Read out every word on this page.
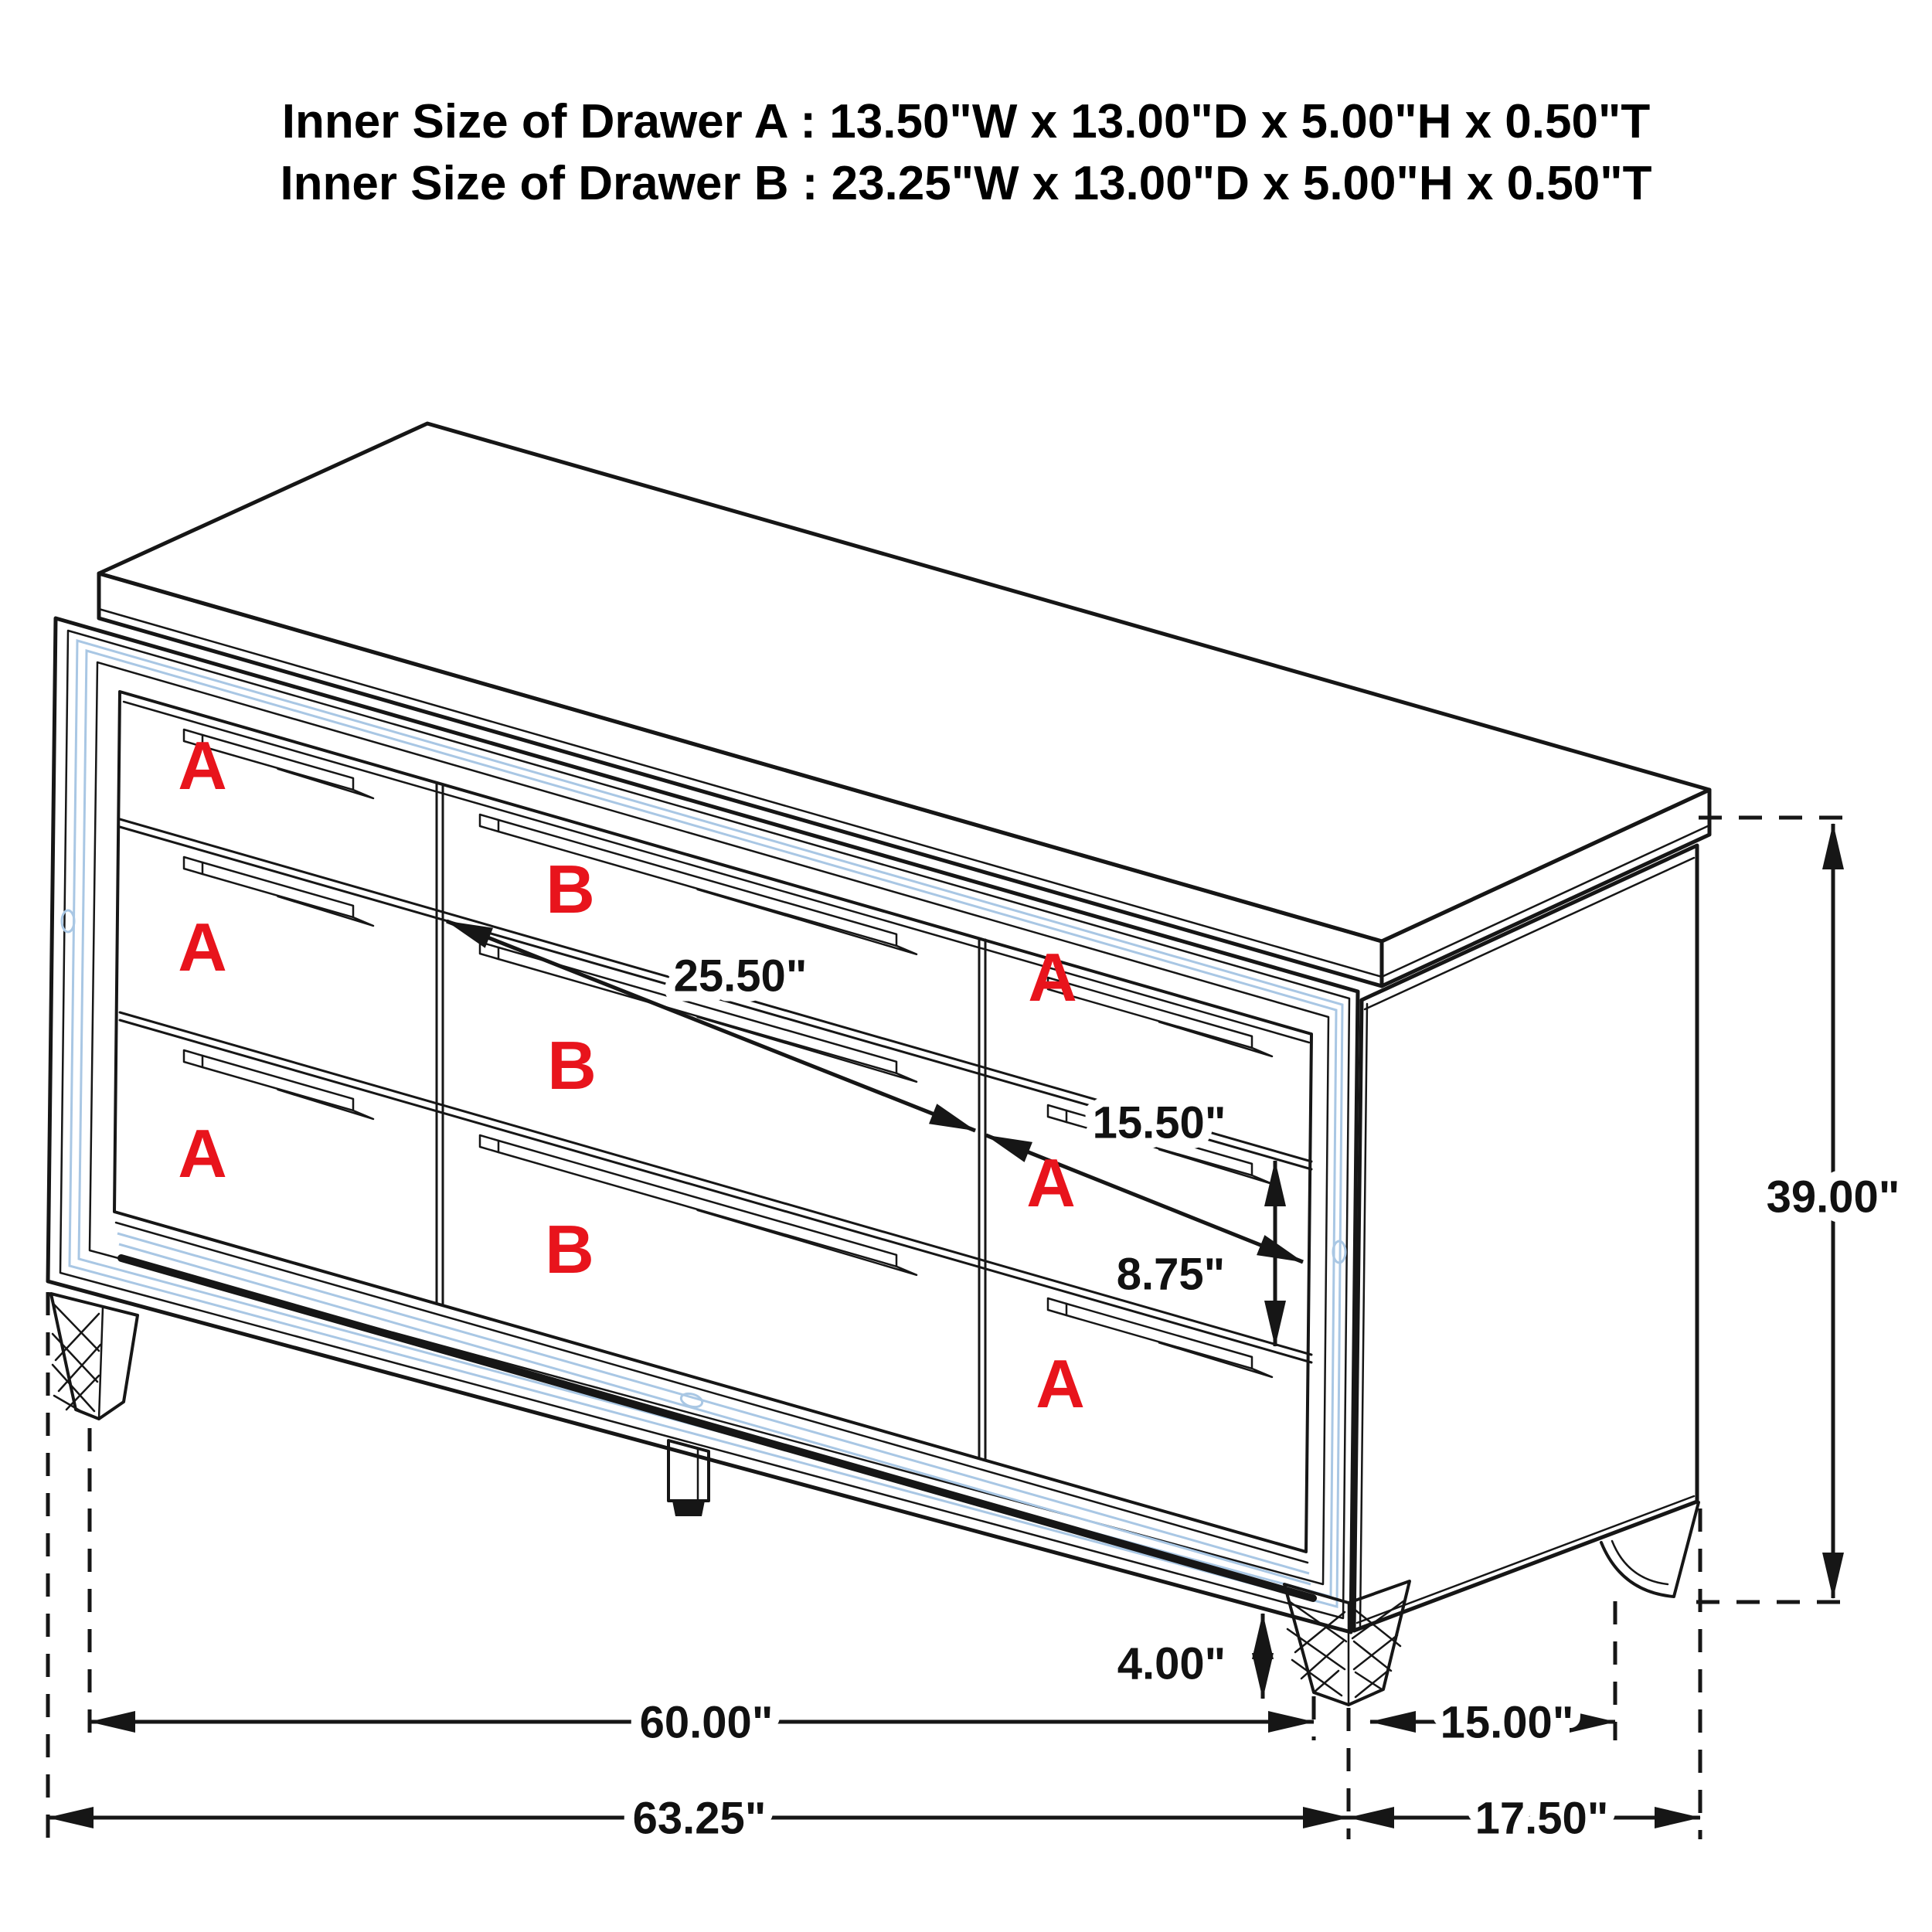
Inner Size of Drawer A : 13.50"W x 13.00"D x 5.00"H x 0.50"T
Inner Size of Drawer B : 23.25"W x 13.00"D x 5.00"H x 0.50"T
25.50"
15.50"
8.75"
39.00"
4.00"
60.00"	15.00"
63.25"	17.50"
A
A
A
B
B
B
A
A
A
